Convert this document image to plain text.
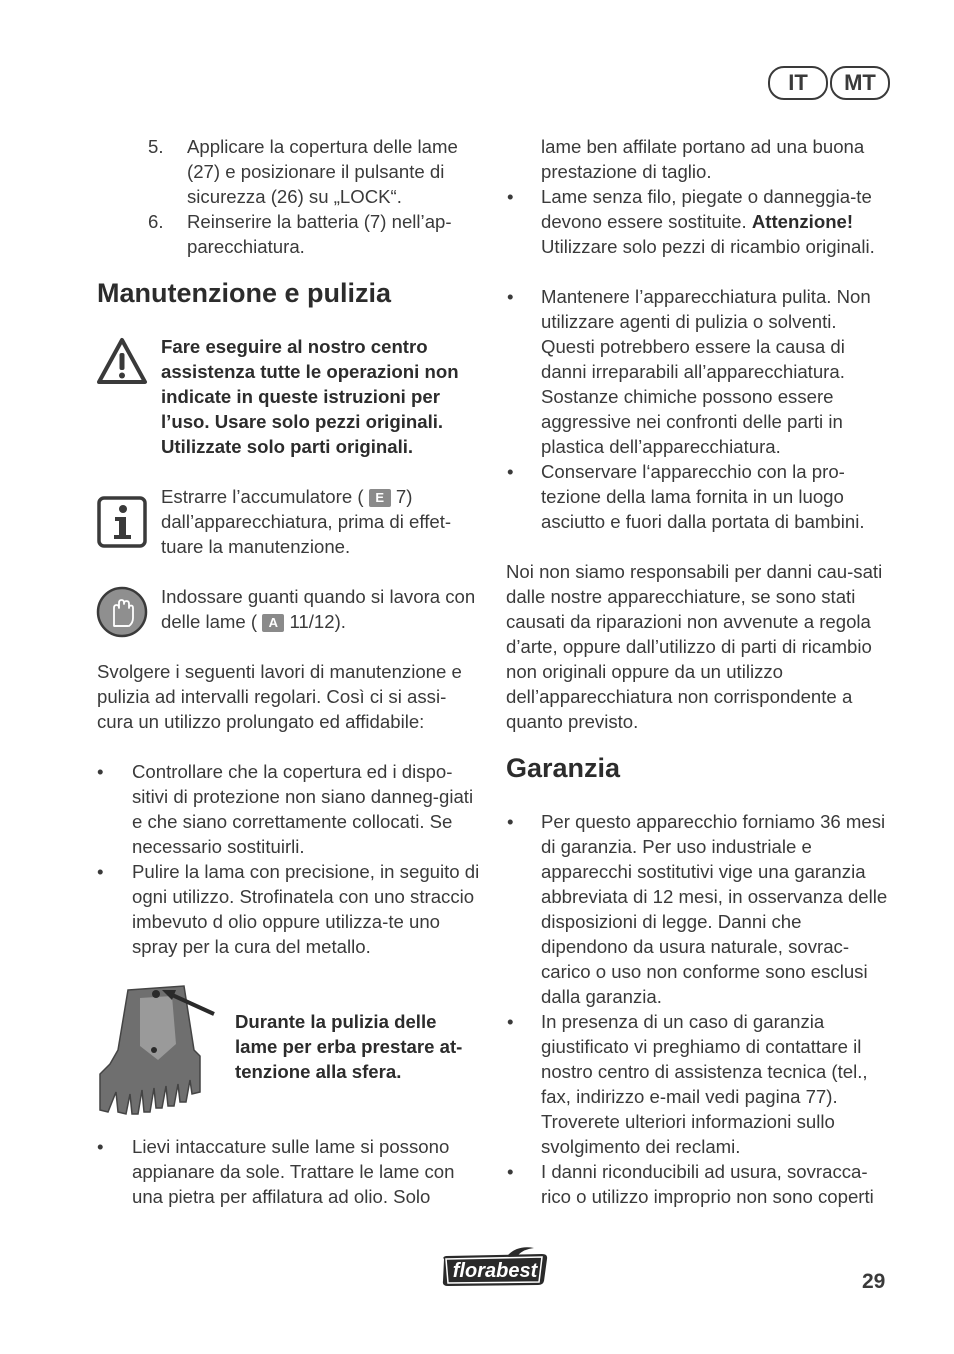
IT	MT
5. Applicare la copertura delle lame (27) e posizionare il pulsante di sicurezza (26) su „LOCK“.
6. Reinserire la batteria (7) nell’ap-parecchiatura.
Manutenzione e pulizia
Fare eseguire al nostro centro assistenza tutte le operazioni non indicate in queste istruzioni per l’uso. Usare solo pezzi originali. Utilizzate solo parti originali.
Estrarre l’accumulatore ( E 7) dall’apparecchiatura, prima di effet-tuare la manutenzione.
Indossare guanti quando si lavora con delle lame ( A 11/12).
Svolgere i seguenti lavori di manutenzione e pulizia ad intervalli regolari. Così ci si assi-cura un utilizzo prolungato ed affidabile:
• Controllare che la copertura ed i dispo-sitivi di protezione non siano danneg-giati e che siano correttamente collocati. Se necessario sostituirli.
• Pulire la lama con precisione, in seguito di ogni utilizzo. Strofinatela con uno straccio imbevuto d olio oppure utilizza-te uno spray per la cura del metallo.
Durante la pulizia delle lame per erba prestare at-tenzione alla sfera.
• Lievi intaccature sulle lame si possono appianare da sole. Trattare le lame con una pietra per affilatura ad olio. Solo
lame ben affilate portano ad una buona prestazione di taglio.
• Lame senza filo, piegate o danneggia-te devono essere sostituite. Attenzione! Utilizzare solo pezzi di ricambio originali.
• Mantenere l’apparecchiatura pulita. Non utilizzare agenti di pulizia o solventi. Questi potrebbero essere la causa di danni irreparabili all’apparecchiatura. Sostanze chimiche possono essere aggressive nei confronti delle parti in plastica dell’apparecchiatura.
• Conservare l‘apparecchio con la pro-tezione della lama fornita in un luogo asciutto e fuori dalla portata di bambini.
Noi non siamo responsabili per danni cau-sati dalle nostre apparecchiature, se sono stati causati da riparazioni non avvenute a regola d’arte, oppure dall’utilizzo di parti di ricambio non originali oppure da un utilizzo dell’apparecchiatura non corrispondente a quanto previsto.
Garanzia
• Per questo apparecchio forniamo 36 mesi di garanzia. Per uso industriale e apparecchi sostitutivi vige una garanzia abbreviata di 12 mesi, in osservanza delle disposizioni di legge. Danni che dipendono da usura naturale, sovrac-carico o uso non conforme sono esclusi dalla garanzia.
• In presenza di un caso di garanzia giustificato vi preghiamo di contattare il nostro centro di assistenza tecnica (tel., fax, indirizzo e-mail vedi pagina 77). Troverete ulteriori informazioni sullo svolgimento dei reclami.
• I danni riconducibili ad usura, sovracca-rico o utilizzo improprio non sono coperti
florabest	29
